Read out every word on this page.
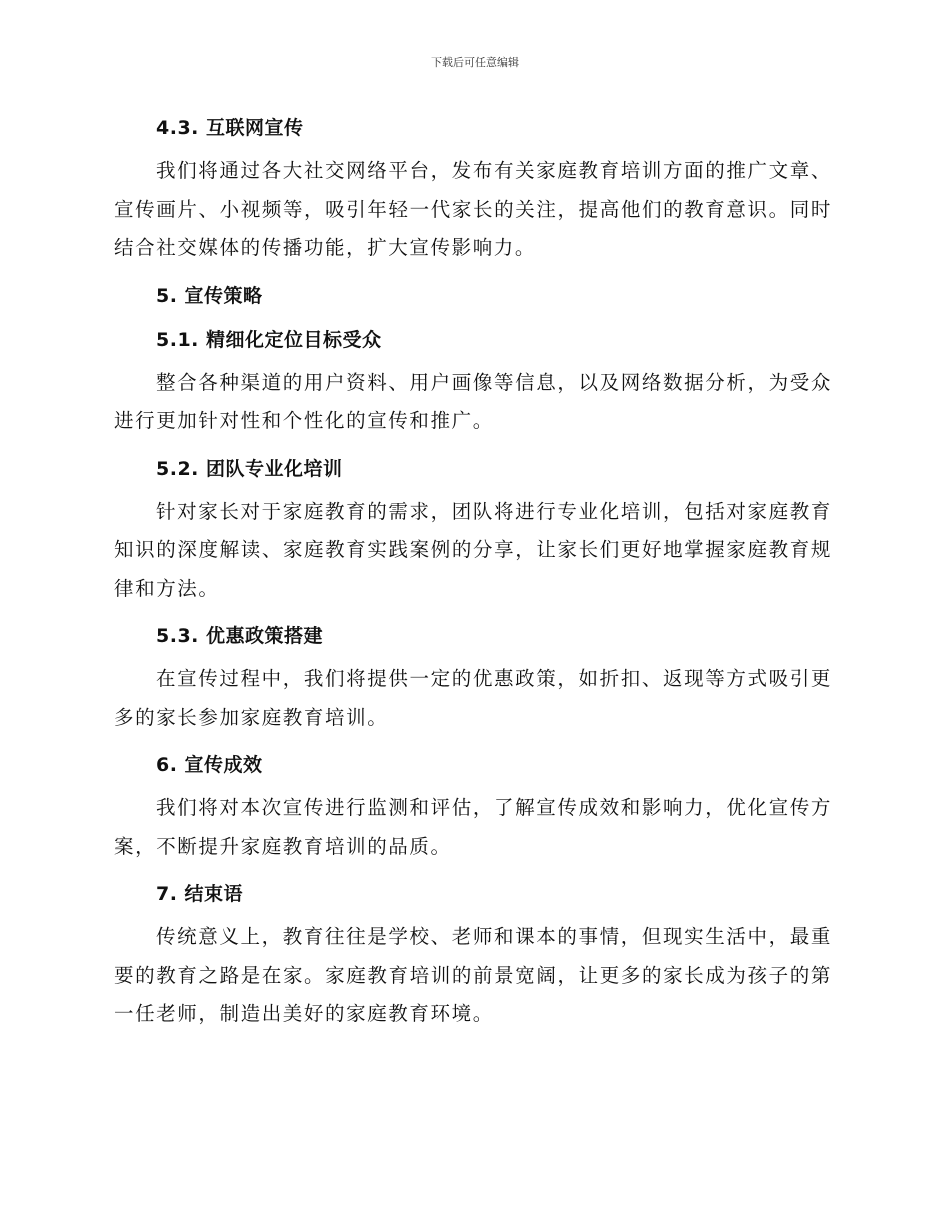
下载后可任意编辑
4.3. 互联网宣传

我们将通过各大社交网络平台，发布有关家庭教育培训方面的推广文章、宣传画片、小视频等，吸引年轻一代家长的关注，提高他们的教育意识。同时结合社交媒体的传播功能，扩大宣传影响力。

5. 宣传策略
5.1. 精细化定位目标受众

整合各种渠道的用户资料、用户画像等信息，以及网络数据分析，为受众进行更加针对性和个性化的宣传和推广。

5.2. 团队专业化培训

针对家长对于家庭教育的需求，团队将进行专业化培训，包括对家庭教育知识的深度解读、家庭教育实践案例的分享，让家长们更好地掌握家庭教育规律和方法。

5.3. 优惠政策搭建

在宣传过程中，我们将提供一定的优惠政策，如折扣、返现等方式吸引更多的家长参加家庭教育培训。

6. 宣传成效

我们将对本次宣传进行监测和评估，了解宣传成效和影响力，优化宣传方案，不断提升家庭教育培训的品质。

7. 结束语

传统意义上，教育往往是学校、老师和课本的事情，但现实生活中，最重要的教育之路是在家。家庭教育培训的前景宽阔，让更多的家长成为孩子的第一任老师，制造出美好的家庭教育环境。
